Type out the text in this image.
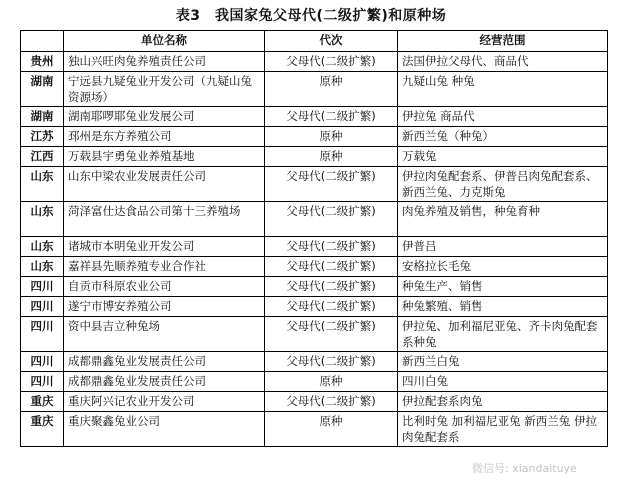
表3　我国家兔父母代(二级扩繁)和原种场
	单位名称	代次	经营范围
贵州	独山兴旺肉兔养殖责任公司	父母代(二级扩繁)	法国伊拉父母代、商品代
湖南	宁远县九疑兔业开发公司（九疑山兔资源场）	原种	九疑山兔 种兔
湖南	湖南耶啰耶兔业发展公司	父母代(二级扩繁)	伊拉兔 商品代
江苏	邳州是东方养殖公司	原种	新西兰兔（种兔）
江西	万载县宇勇兔业养殖基地	原种	万载兔
山东	山东中梁农业发展责任公司	父母代(二级扩繁)	伊拉肉兔配套系、伊普吕肉兔配套系、新西兰兔、力克斯兔
山东	菏泽富仕达食品公司第十三养殖场	父母代(二级扩繁)	肉兔养殖及销售，种兔育种
山东	诸城市本明兔业开发公司	父母代(二级扩繁)	伊普吕
山东	嘉祥县先顺养殖专业合作社	父母代(二级扩繁)	安格拉长毛兔
四川	自贡市科原农业公司	父母代(二级扩繁)	种兔生产、销售
四川	遂宁市博安养殖公司	父母代(二级扩繁)	种兔繁殖、销售
四川	资中县吉立种兔场	父母代(二级扩繁)	伊拉兔、加利福尼亚兔、齐卡肉兔配套系种兔
四川	成都鼎鑫兔业发展责任公司	父母代(二级扩繁)	新西兰白兔
四川	成都鼎鑫兔业发展责任公司	原种	四川白兔
重庆	重庆阿兴记农业开发公司	父母代(二级扩繁)	伊拉配套系肉兔
重庆	重庆聚鑫兔业公司	原种	比利时兔 加利福尼亚兔 新西兰兔 伊拉肉兔配套系
微信号: xiandaituye
